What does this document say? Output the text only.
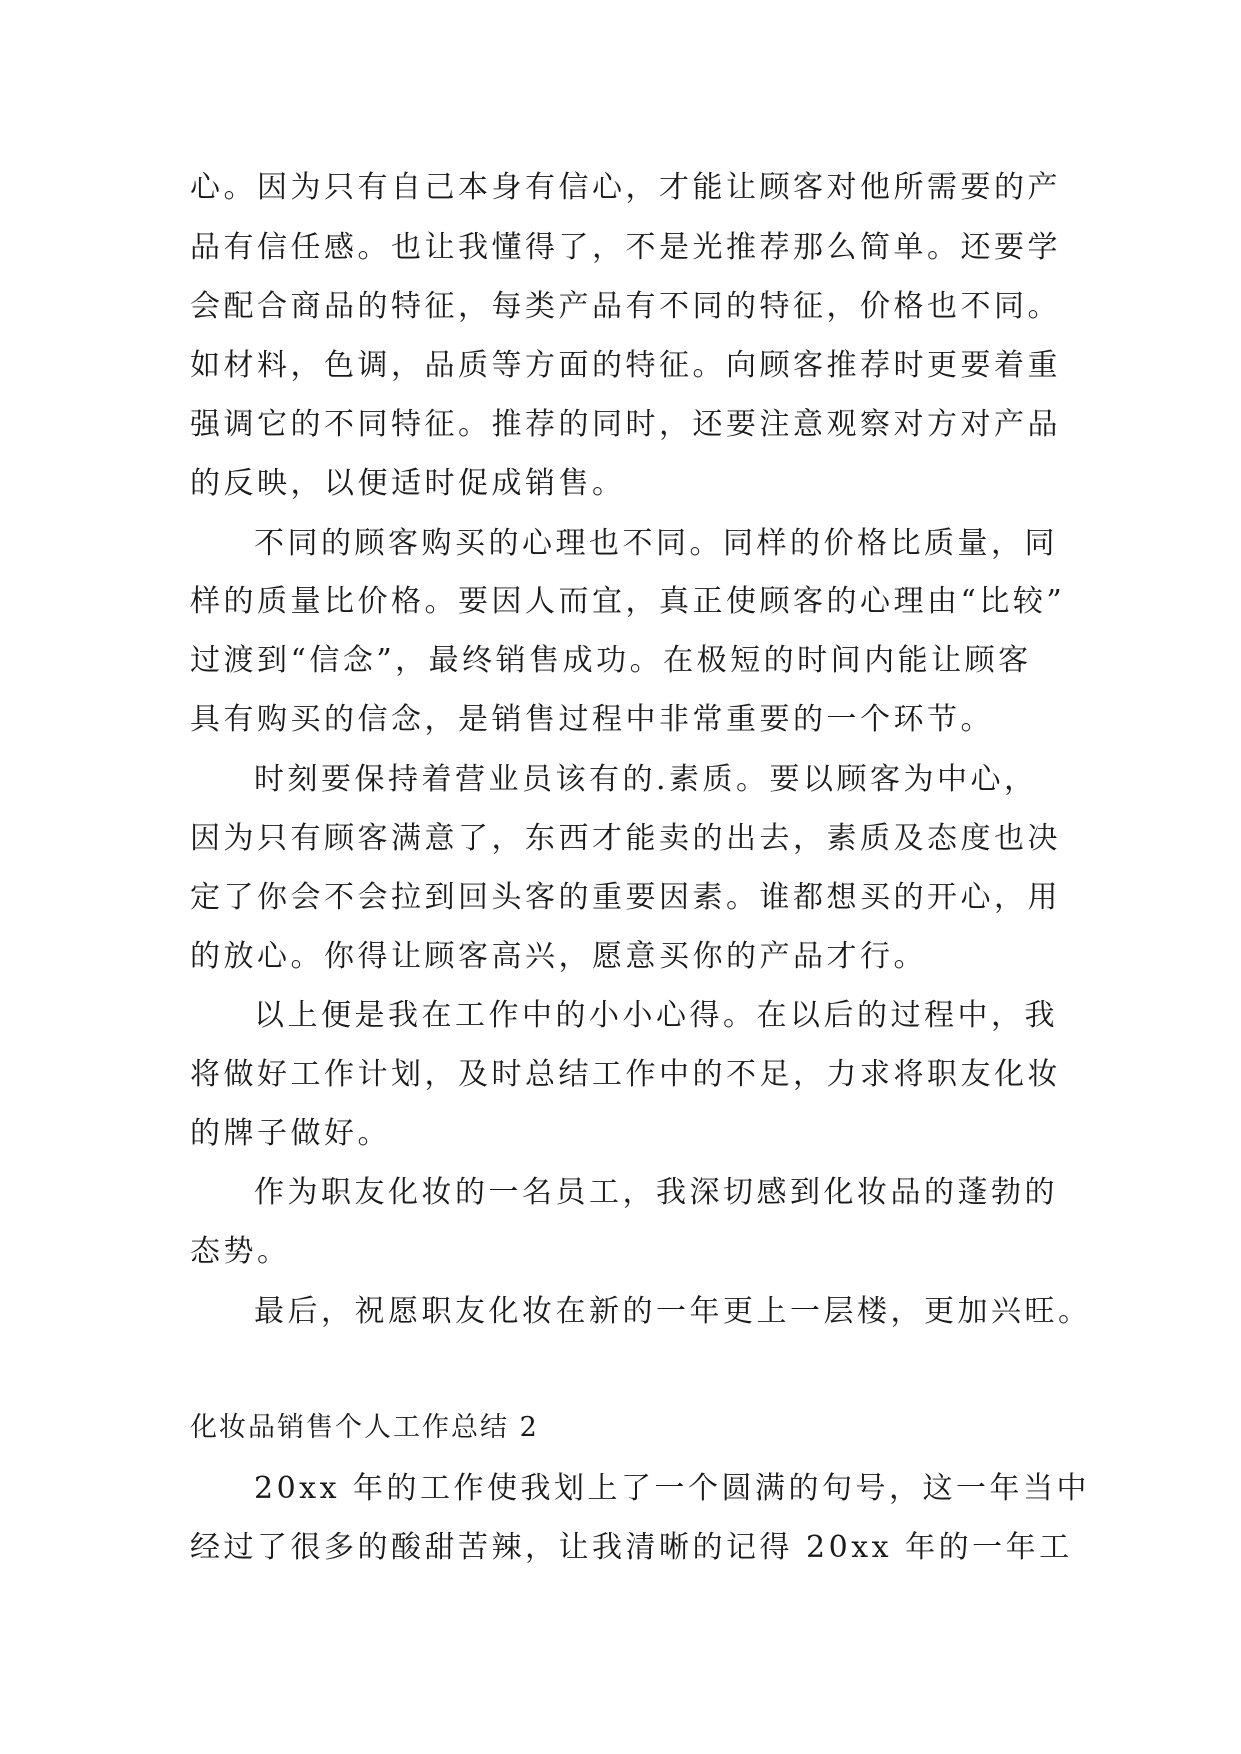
心。因为只有自己本身有信心，才能让顾客对他所需要的产
品有信任感。也让我懂得了，不是光推荐那么简单。还要学
会配合商品的特征，每类产品有不同的特征，价格也不同。
如材料，色调，品质等方面的特征。向顾客推荐时更要着重
强调它的不同特征。推荐的同时，还要注意观察对方对产品
的反映，以便适时促成销售。
不同的顾客购买的心理也不同。同样的价格比质量，同
样的质量比价格。要因人而宜，真正使顾客的心理由“比较”
过渡到“信念”，最终销售成功。在极短的时间内能让顾客
具有购买的信念，是销售过程中非常重要的一个环节。
时刻要保持着营业员该有的.素质。要以顾客为中心，
因为只有顾客满意了，东西才能卖的出去，素质及态度也决
定了你会不会拉到回头客的重要因素。谁都想买的开心，用
的放心。你得让顾客高兴，愿意买你的产品才行。
以上便是我在工作中的小小心得。在以后的过程中，我
将做好工作计划，及时总结工作中的不足，力求将职友化妆
的牌子做好。
作为职友化妆的一名员工，我深切感到化妆品的蓬勃的
态势。
最后，祝愿职友化妆在新的一年更上一层楼，更加兴旺。
化妆品销售个人工作总结 2
20xx 年的工作使我划上了一个圆满的句号，这一年当中
经过了很多的酸甜苦辣，让我清晰的记得 20xx 年的一年工
